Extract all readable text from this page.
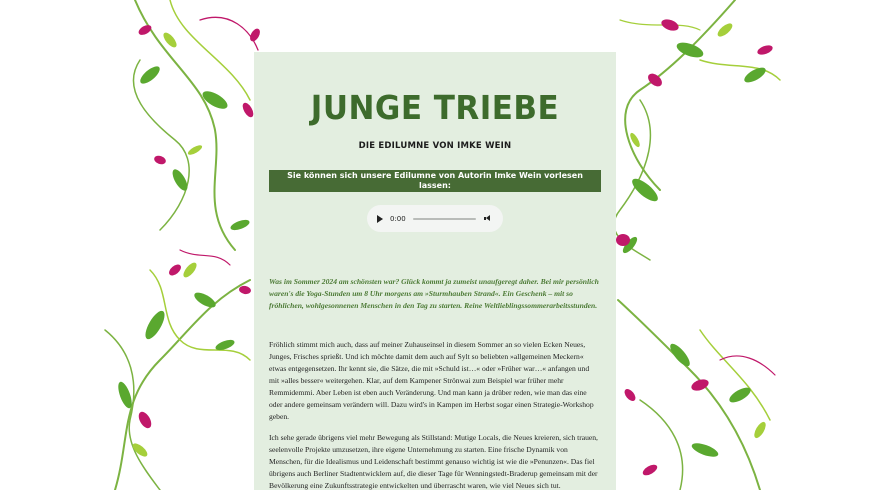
JUNGE TRIEBE
DIE EDILUMNE VON IMKE WEIN
Sie können sich unsere Edilumne von Autorin Imke Wein vorlesen lassen:
0:00
Was im Sommer 2024 am schönsten war? Glück kommt ja zumeist unaufgeregt daher. Bei mir persönlich waren's die Yoga-Stunden um 8 Uhr morgens am »Sturmhauben Strand«. Ein Geschenk – mit so fröhlichen, wohlgesonnenen Menschen in den Tag zu starten. Reine Weltlieblingssommerarbeitsstunden.

Fröhlich stimmt mich auch, dass auf meiner Zuhauseinsel in diesem Sommer an so vielen Ecken Neues, Junges, Frisches sprießt. Und ich möchte damit dem auch auf Sylt so beliebten »allgemeinen Meckern« etwas entgegensetzen. Ihr kennt sie, die Sätze, die mit »Schuld ist…« oder »Früher war…« anfangen und mit »alles besser« weitergehen. Klar, auf dem Kampener Strönwai zum Beispiel war früher mehr Remmidemmi. Aber Leben ist eben auch Veränderung. Und man kann ja drüber reden, wie man das eine oder andere gemeinsam verändern will. Dazu wird's in Kampen im Herbst sogar einen Strategie-Workshop geben.

Ich sehe gerade übrigens viel mehr Bewegung als Stillstand: Mutige Locals, die Neues kreieren, sich trauen, seelenvolle Projekte umzusetzen, ihre eigene Unternehmung zu starten. Eine frische Dynamik von Menschen, für die Idealismus und Leidenschaft bestimmt genauso wichtig ist wie die »Penunzen«. Das fiel übrigens auch Berliner Stadtentwicklern auf, die dieser Tage für Wenningstedt-Braderup gemeinsam mit der Bevölkerung eine Zukunftsstrategie entwickelten und überrascht waren, wie viel Neues sich tut.
